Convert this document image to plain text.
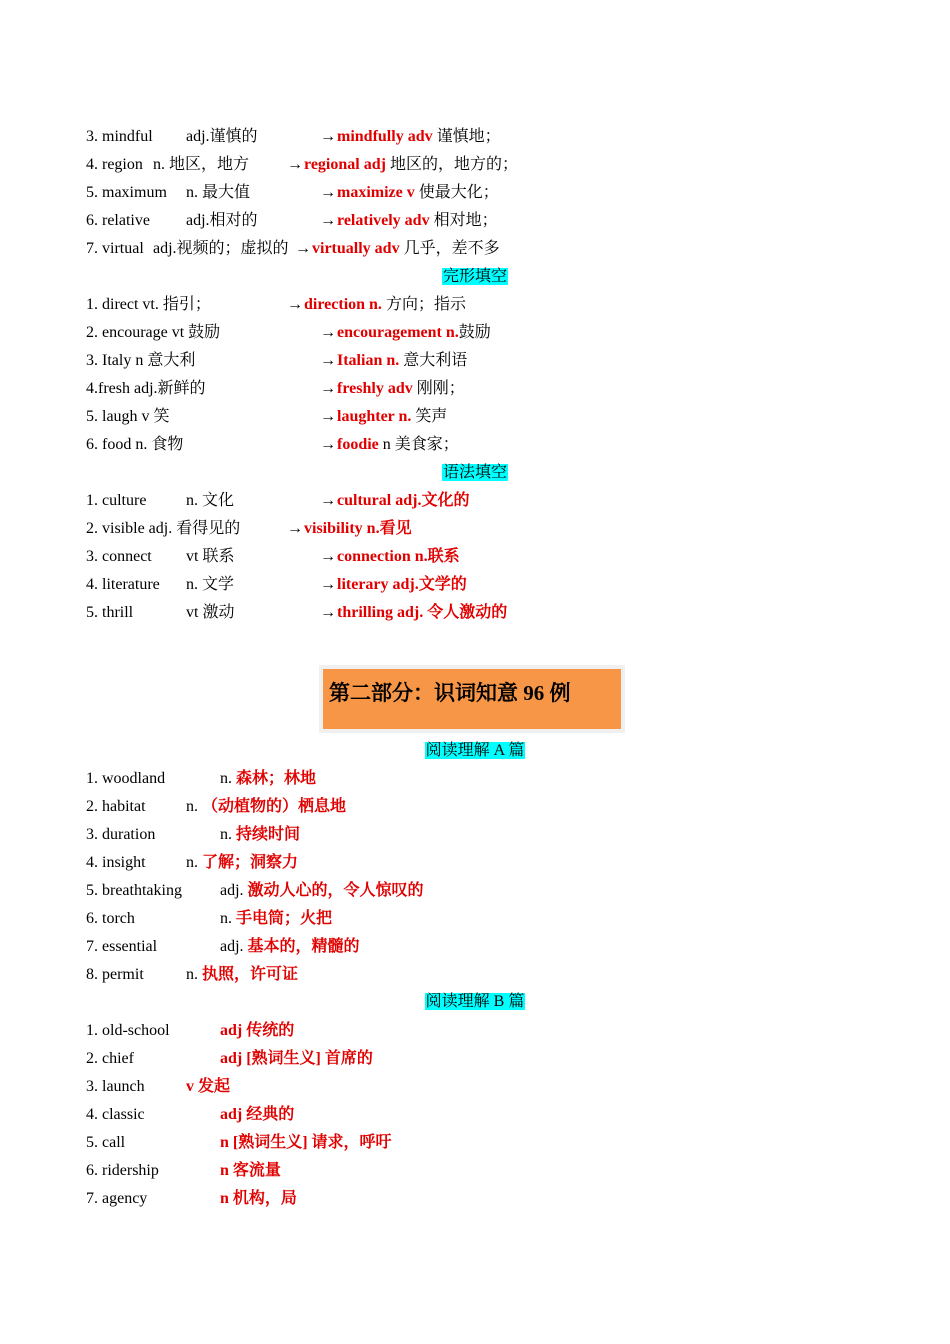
3. mindful adj.谨慎的	→ mindfully adv 谨慎地；
4. region n. 地区，地方 → regional adj 地区的，地方的；
5. maximum n. 最大值	→ maximize v 使最大化；
6. relative adj.相对的	→ relatively adv 相对地；
7. virtual adj.视频的；虚拟的 → virtually adv 几乎，差不多
完形填空
1. direct vt. 指引；	→ direction n. 方向；指示
2. encourage vt 鼓励	→ encouragement n.鼓励
3. Italy n 意大利	→ Italian n. 意大利语
4.fresh adj.新鲜的	→ freshly adv 刚刚；
5. laugh v 笑	→ laughter n. 笑声
6. food n. 食物	→ foodie n 美食家；
语法填空
1. culture n. 文化	→ cultural adj.文化的
2. visible adj. 看得见的	→ visibility n.看见
3. connect vt 联系	→ connection n.联系
4. literature n. 文学	→ literary adj.文学的
5. thrill	vt 激动	→ thrilling adj. 令人激动的
第二部分：识词知意 96 例
阅读理解 A 篇
1. woodland	n. 森林；林地
2. habitat	n. （动植物的）栖息地
3. duration	n. 持续时间
4. insight	n. 了解；洞察力
5. breathtaking adj. 激动人心的，令人惊叹的
6. torch	n. 手电筒；火把
7. essential	adj. 基本的，精髓的
8. permit	n. 执照，许可证
阅读理解 B 篇
1. old-school	adj 传统的
2. chief	adj [熟词生义] 首席的
3. launch	v 发起
4. classic	adj 经典的
5. call	n [熟词生义] 请求，呼吁
6. ridership	n 客流量
7. agency	n 机构，局
